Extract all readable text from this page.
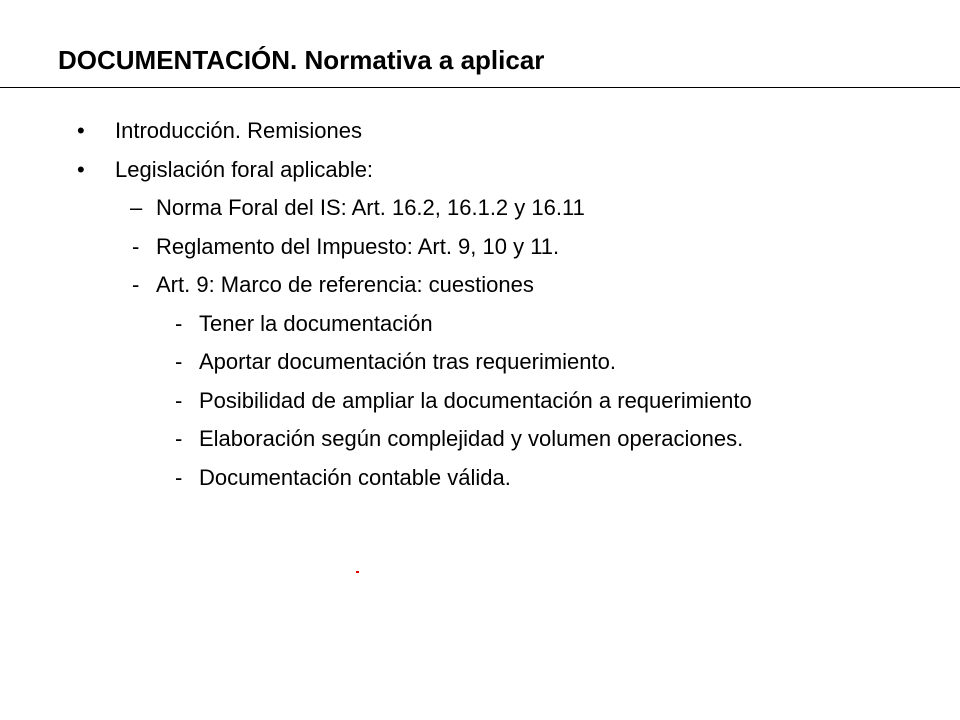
DOCUMENTACIÓN. Normativa a aplicar
• Introducción. Remisiones
• Legislación foral aplicable:
– Norma Foral del IS: Art. 16.2, 16.1.2 y 16.11
- Reglamento del Impuesto: Art. 9, 10 y 11.
- Art. 9: Marco de referencia: cuestiones
- Tener la documentación
- Aportar documentación tras requerimiento.
- Posibilidad de ampliar la documentación a requerimiento
- Elaboración según complejidad y volumen operaciones.
- Documentación contable válida.
